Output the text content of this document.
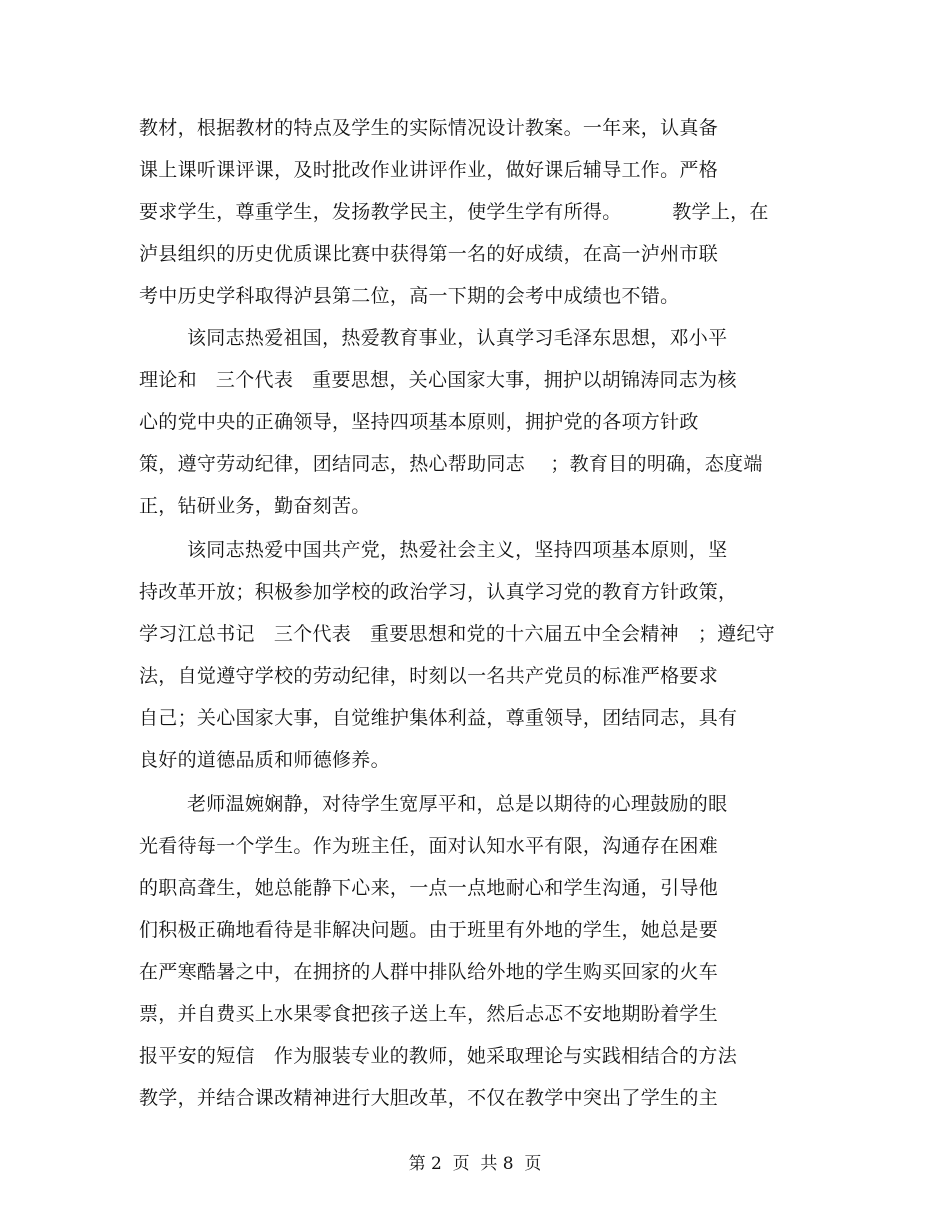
教材，根据教材的特点及学生的实际情况设计教案。一年来，认真备
课上课听课评课，及时批改作业讲评作业，做好课后辅导工作。严格
要求学生，尊重学生，发扬教学民主，使学生学有所得。        教学上，在
泸县组织的历史优质课比赛中获得第一名的好成绩，在高一泸州市联
考中历史学科取得泸县第二位，高一下期的会考中成绩也不错。
该同志热爱祖国，热爱教育事业，认真学习毛泽东思想，邓小平
理论和   三个代表   重要思想，关心国家大事，拥护以胡锦涛同志为核
心的党中央的正确领导，坚持四项基本原则，拥护党的各项方针政
策，遵守劳动纪律，团结同志，热心帮助同志    ；教育目的明确，态度端
正，钻研业务，勤奋刻苦。
该同志热爱中国共产党，热爱社会主义，坚持四项基本原则，坚
持改革开放；积极参加学校的政治学习，认真学习党的教育方针政策，
学习江总书记   三个代表   重要思想和党的十六届五中全会精神   ；遵纪守
法，自觉遵守学校的劳动纪律，时刻以一名共产党员的标准严格要求
自己；关心国家大事，自觉维护集体利益，尊重领导，团结同志，具有
良好的道德品质和师德修养。
老师温婉娴静，对待学生宽厚平和，总是以期待的心理鼓励的眼
光看待每一个学生。作为班主任，面对认知水平有限，沟通存在困难
的职高聋生，她总能静下心来，一点一点地耐心和学生沟通，引导他
们积极正确地看待是非解决问题。由于班里有外地的学生，她总是要
在严寒酷暑之中，在拥挤的人群中排队给外地的学生购买回家的火车
票，并自费买上水果零食把孩子送上车，然后忐忑不安地期盼着学生
报平安的短信   作为服装专业的教师，她采取理论与实践相结合的方法
教学，并结合课改精神进行大胆改革，不仅在教学中突出了学生的主
第 2  页  共 8  页
